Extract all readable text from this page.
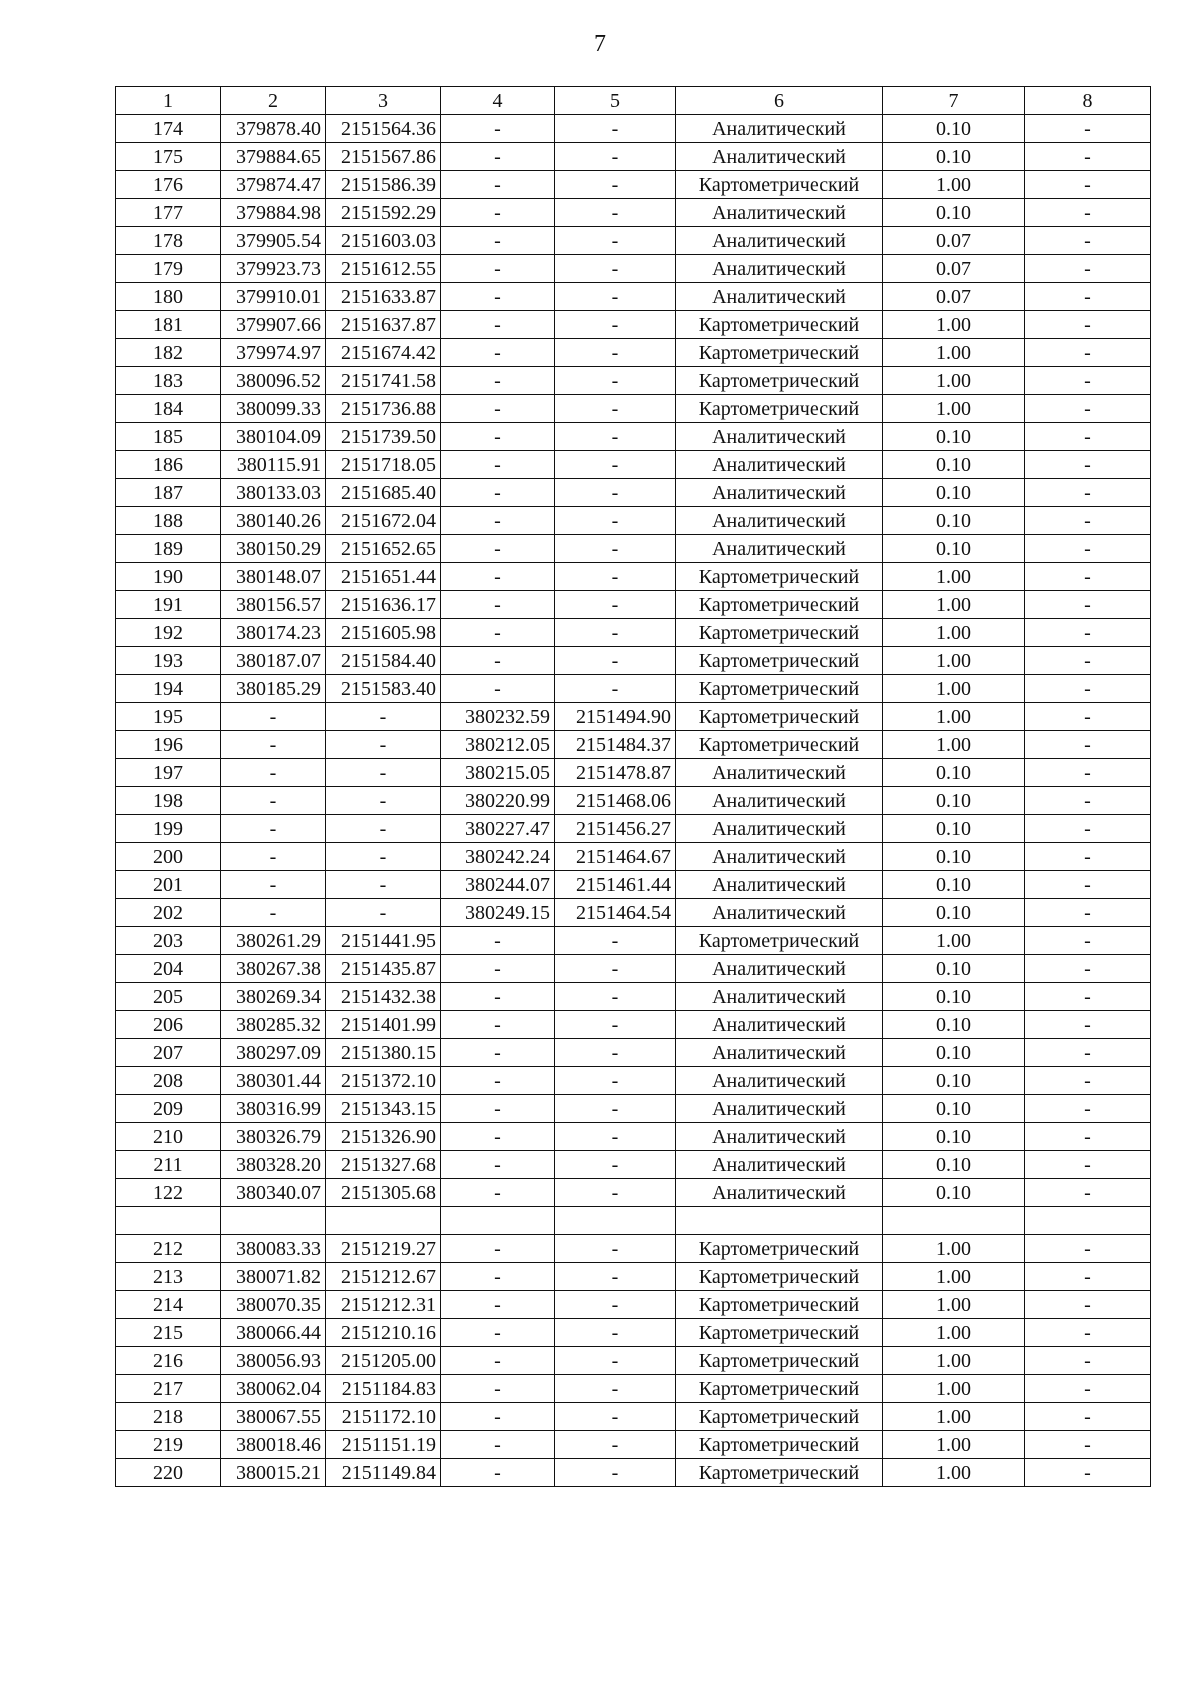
7
1	2	3	4	5	6	7	8
174	379878.40	2151564.36	-	-	Аналитический	0.10	-
175	379884.65	2151567.86	-	-	Аналитический	0.10	-
176	379874.47	2151586.39	-	-	Картометрический	1.00	-
177	379884.98	2151592.29	-	-	Аналитический	0.10	-
178	379905.54	2151603.03	-	-	Аналитический	0.07	-
179	379923.73	2151612.55	-	-	Аналитический	0.07	-
180	379910.01	2151633.87	-	-	Аналитический	0.07	-
181	379907.66	2151637.87	-	-	Картометрический	1.00	-
182	379974.97	2151674.42	-	-	Картометрический	1.00	-
183	380096.52	2151741.58	-	-	Картометрический	1.00	-
184	380099.33	2151736.88	-	-	Картометрический	1.00	-
185	380104.09	2151739.50	-	-	Аналитический	0.10	-
186	380115.91	2151718.05	-	-	Аналитический	0.10	-
187	380133.03	2151685.40	-	-	Аналитический	0.10	-
188	380140.26	2151672.04	-	-	Аналитический	0.10	-
189	380150.29	2151652.65	-	-	Аналитический	0.10	-
190	380148.07	2151651.44	-	-	Картометрический	1.00	-
191	380156.57	2151636.17	-	-	Картометрический	1.00	-
192	380174.23	2151605.98	-	-	Картометрический	1.00	-
193	380187.07	2151584.40	-	-	Картометрический	1.00	-
194	380185.29	2151583.40	-	-	Картометрический	1.00	-
195	-	-	380232.59	2151494.90	Картометрический	1.00	-
196	-	-	380212.05	2151484.37	Картометрический	1.00	-
197	-	-	380215.05	2151478.87	Аналитический	0.10	-
198	-	-	380220.99	2151468.06	Аналитический	0.10	-
199	-	-	380227.47	2151456.27	Аналитический	0.10	-
200	-	-	380242.24	2151464.67	Аналитический	0.10	-
201	-	-	380244.07	2151461.44	Аналитический	0.10	-
202	-	-	380249.15	2151464.54	Аналитический	0.10	-
203	380261.29	2151441.95	-	-	Картометрический	1.00	-
204	380267.38	2151435.87	-	-	Аналитический	0.10	-
205	380269.34	2151432.38	-	-	Аналитический	0.10	-
206	380285.32	2151401.99	-	-	Аналитический	0.10	-
207	380297.09	2151380.15	-	-	Аналитический	0.10	-
208	380301.44	2151372.10	-	-	Аналитический	0.10	-
209	380316.99	2151343.15	-	-	Аналитический	0.10	-
210	380326.79	2151326.90	-	-	Аналитический	0.10	-
211	380328.20	2151327.68	-	-	Аналитический	0.10	-
122	380340.07	2151305.68	-	-	Аналитический	0.10	-

212	380083.33	2151219.27	-	-	Картометрический	1.00	-
213	380071.82	2151212.67	-	-	Картометрический	1.00	-
214	380070.35	2151212.31	-	-	Картометрический	1.00	-
215	380066.44	2151210.16	-	-	Картометрический	1.00	-
216	380056.93	2151205.00	-	-	Картометрический	1.00	-
217	380062.04	2151184.83	-	-	Картометрический	1.00	-
218	380067.55	2151172.10	-	-	Картометрический	1.00	-
219	380018.46	2151151.19	-	-	Картометрический	1.00	-
220	380015.21	2151149.84	-	-	Картометрический	1.00	-
